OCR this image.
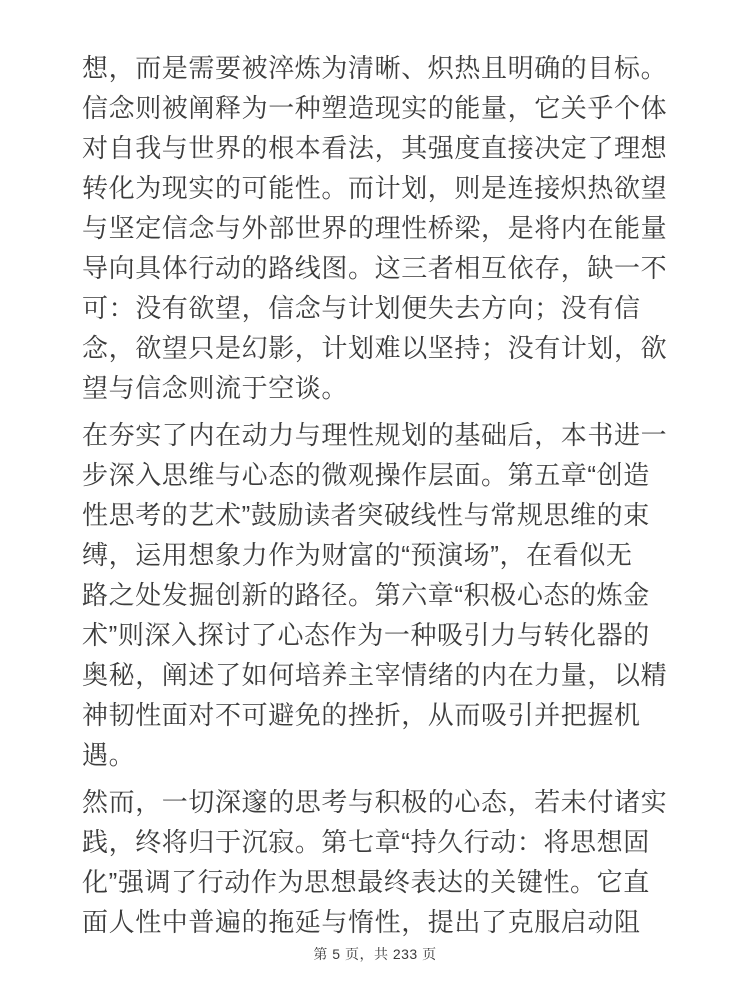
想，而是需要被淬炼为清晰、炽热且明确的目标。
信念则被阐释为一种塑造现实的能量，它关乎个体
对自我与世界的根本看法，其强度直接决定了理想
转化为现实的可能性。而计划，则是连接炽热欲望
与坚定信念与外部世界的理性桥梁，是将内在能量
导向具体行动的路线图。这三者相互依存，缺一不
可：没有欲望，信念与计划便失去方向；没有信
念，欲望只是幻影，计划难以坚持；没有计划，欲
望与信念则流于空谈。
在夯实了内在动力与理性规划的基础后，本书进一
步深入思维与心态的微观操作层面。第五章“创造
性思考的艺术”鼓励读者突破线性与常规思维的束
缚，运用想象力作为财富的“预演场”，在看似无
路之处发掘创新的路径。第六章“积极心态的炼金
术”则深入探讨了心态作为一种吸引力与转化器的
奥秘，阐述了如何培养主宰情绪的内在力量，以精
神韧性面对不可避免的挫折，从而吸引并把握机
遇。
然而，一切深邃的思考与积极的心态，若未付诸实
践，终将归于沉寂。第七章“持久行动：将思想固
化”强调了行动作为思想最终表达的关键性。它直
面人性中普遍的拖延与惰性，提出了克服启动阻
第 5 页，共 233 页
